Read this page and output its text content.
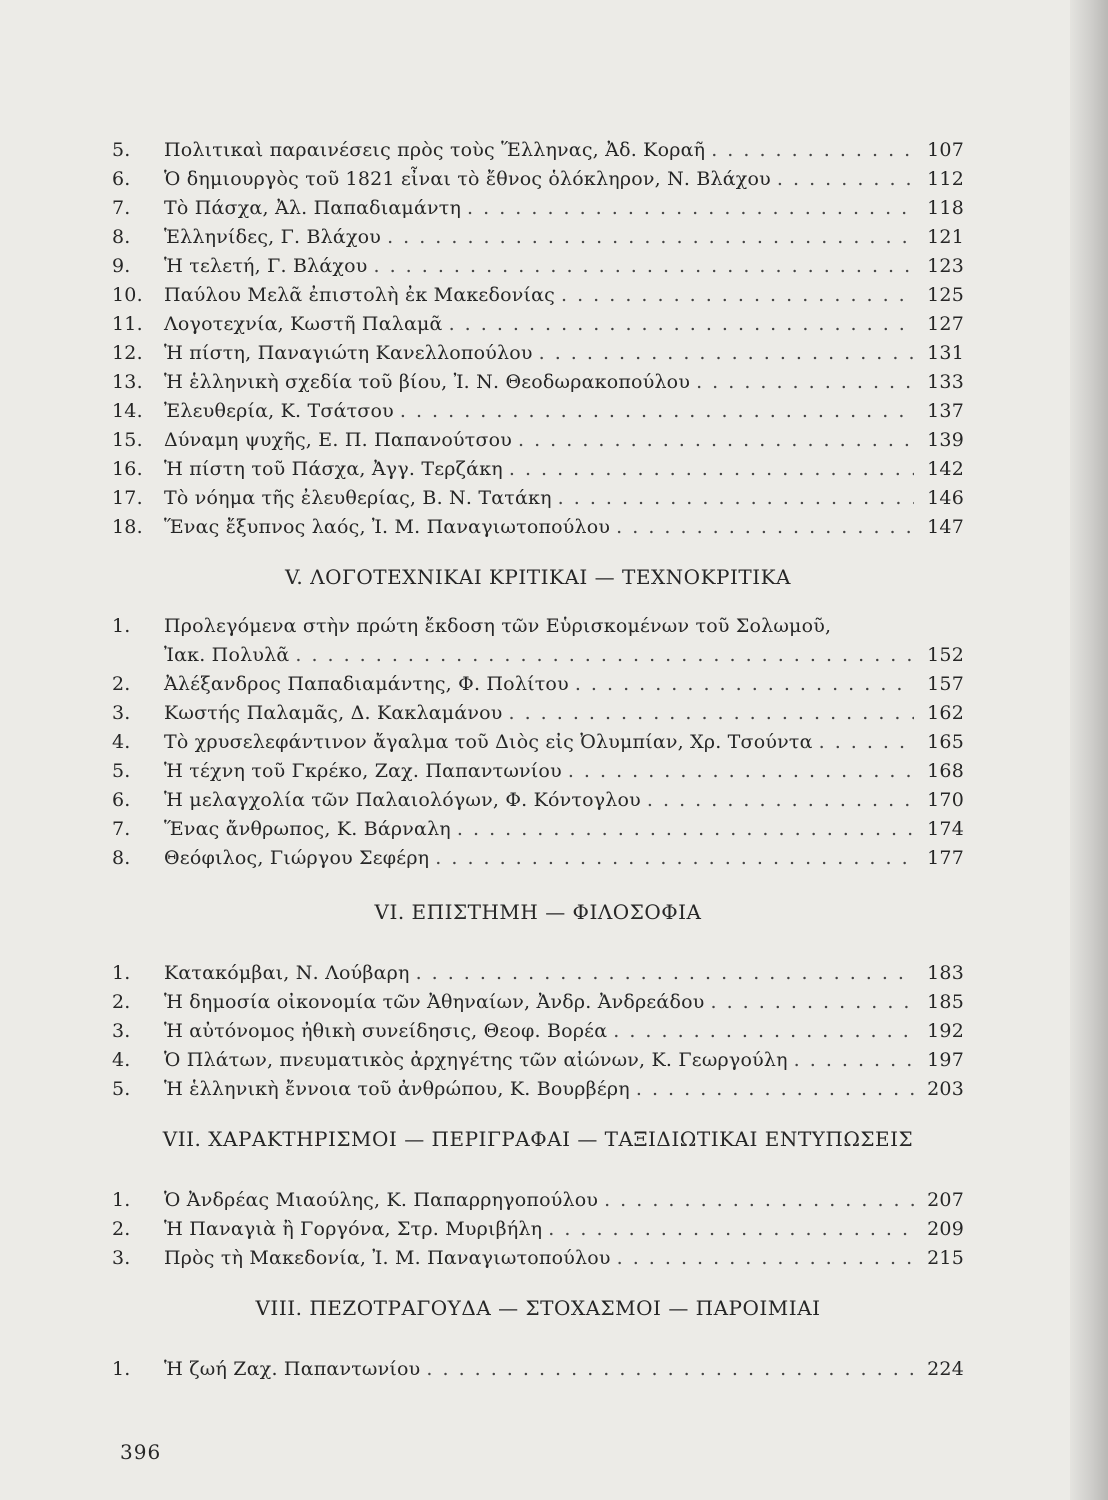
5.	Πολιτικαὶ παραινέσεις πρὸς τοὺς Ἕλληνας, Ἀδ. Κοραῆ . . .	107
6.	Ὁ δημιουργὸς τοῦ 1821 εἶναι τὸ ἔθνος ὁλόκληρον, Ν. Βλάχου . . .	112
7.	Τὸ Πάσχα, Ἀλ. Παπαδιαμάντη . . .	118
8.	Ἑλληνίδες, Γ. Βλάχου . . .	121
9.	Ἡ τελετή, Γ. Βλάχου . . .	123
10.	Παύλου Μελᾶ ἐπιστολὴ ἐκ Μακεδονίας . . .	125
11.	Λογοτεχνία, Κωστῆ Παλαμᾶ . . .	127
12.	Ἡ πίστη, Παναγιώτη Κανελλοπούλου . . .	131
13.	Ἡ ἑλληνικὴ σχεδία τοῦ βίου, Ἰ. Ν. Θεοδωρακοπούλου . . .	133
14.	Ἐλευθερία, Κ. Τσάτσου . . .	137
15.	Δύναμη ψυχῆς, Ε. Π. Παπανούτσου . . .	139
16.	Ἡ πίστη τοῦ Πάσχα, Ἀγγ. Τερζάκη . . .	142
17.	Τὸ νόημα τῆς ἐλευθερίας, Β. Ν. Τατάκη . . .	146
18.	Ἕνας ἔξυπνος λαός, Ἰ. Μ. Παναγιωτοπούλου . . .	147
V. ΛΟΓΟΤΕΧΝΙΚΑΙ ΚΡΙΤΙΚΑΙ — ΤΕΧΝΟΚΡΙΤΙΚΑ
1.	Προλεγόμενα στὴν πρώτη ἔκδοση τῶν Εὑρισκομένων τοῦ Σολωμοῦ,
Ἰακ. Πολυλᾶ . . .	152
2.	Ἀλέξανδρος Παπαδιαμάντης, Φ. Πολίτου . . .	157
3.	Κωστής Παλαμᾶς, Δ. Κακλαμάνου . . .	162
4.	Τὸ χρυσελεφάντινον ἄγαλμα τοῦ Διὸς εἰς Ὀλυμπίαν, Χρ. Τσούντα . . .	165
5.	Ἡ τέχνη τοῦ Γκρέκο, Ζαχ. Παπαντωνίου . . .	168
6.	Ἡ μελαγχολία τῶν Παλαιολόγων, Φ. Κόντογλου . . .	170
7.	Ἕνας ἄνθρωπος, Κ. Βάρναλη . . .	174
8.	Θεόφιλος, Γιώργου Σεφέρη . . .	177
VI. ΕΠΙΣΤΗΜΗ — ΦΙΛΟΣΟΦΙΑ
1.	Κατακόμβαι, Ν. Λούβαρη . . .	183
2.	Ἡ δημοσία οἰκονομία τῶν Ἀθηναίων, Ἀνδρ. Ἀνδρεάδου . . .	185
3.	Ἡ αὐτόνομος ἠθικὴ συνείδησις, Θεοφ. Βορέα . . .	192
4.	Ὁ Πλάτων, πνευματικὸς ἀρχηγέτης τῶν αἰώνων, Κ. Γεωργούλη . . .	197
5.	Ἡ ἑλληνικὴ ἔννοια τοῦ ἀνθρώπου, Κ. Βουρβέρη . . .	203
VII. ΧΑΡΑΚΤΗΡΙΣΜΟΙ — ΠΕΡΙΓΡΑΦΑΙ — ΤΑΞΙΔΙΩΤΙΚΑΙ ΕΝΤΥΠΩΣΕΙΣ
1.	Ὁ Ἀνδρέας Μιαούλης, Κ. Παπαρρηγοπούλου . . .	207
2.	Ἡ Παναγιὰ ἢ Γοργόνα, Στρ. Μυριβήλη . . .	209
3.	Πρὸς τὴ Μακεδονία, Ἰ. Μ. Παναγιωτοπούλου . . .	215
VIII. ΠΕΖΟΤΡΑΓΟΥΔΑ — ΣΤΟΧΑΣΜΟΙ — ΠΑΡΟΙΜΙΑΙ
1.	Ἡ ζωή Ζαχ. Παπαντωνίου . . .	224
396
